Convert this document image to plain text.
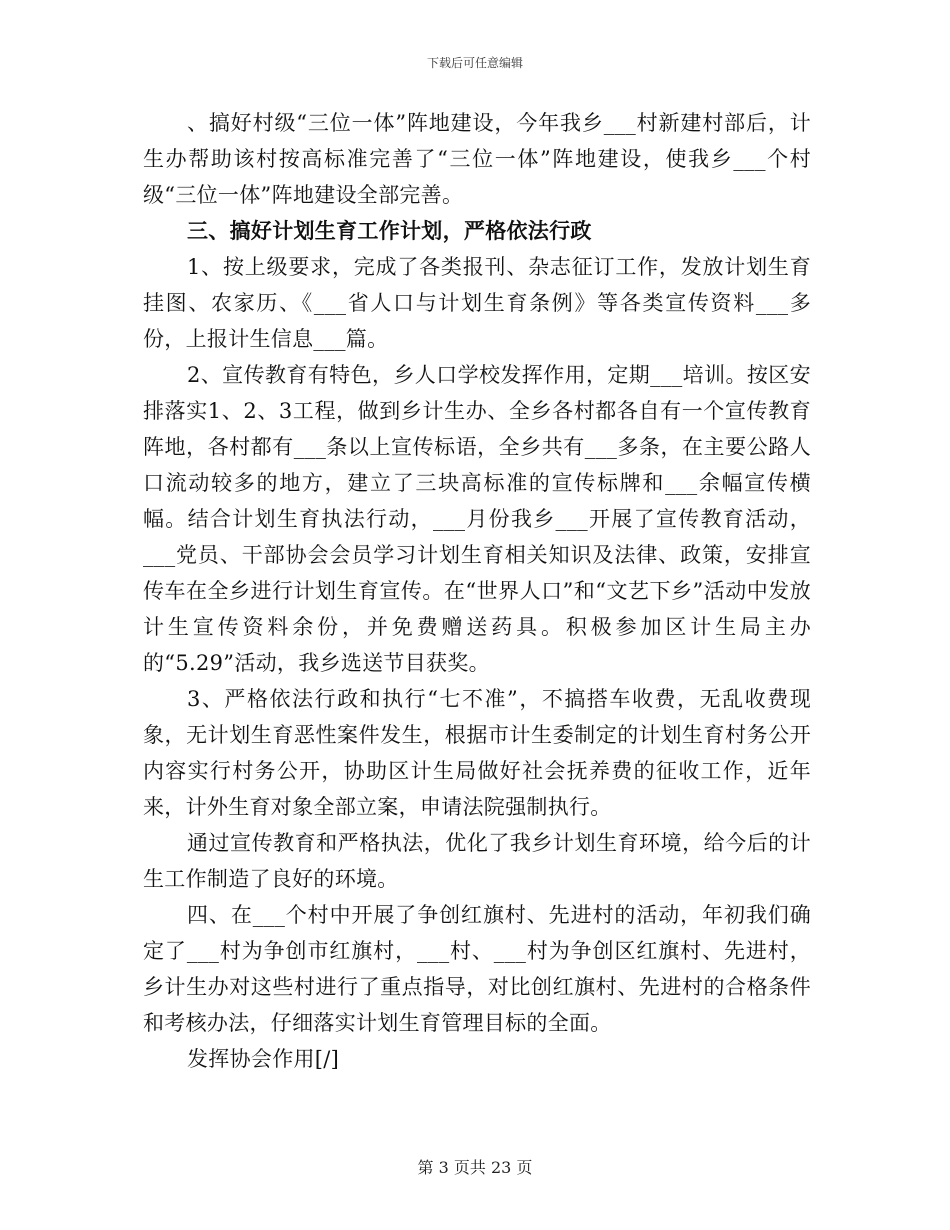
下载后可任意编辑

、搞好村级“三位一体”阵地建设，今年我乡___村新建村部后，计生办帮助该村按高标准完善了“三位一体”阵地建设，使我乡___个村级“三位一体”阵地建设全部完善。

三、搞好计划生育工作计划，严格依法行政

1、按上级要求，完成了各类报刊、杂志征订工作，发放计划生育挂图、农家历、《___省人口与计划生育条例》等各类宣传资料___多份，上报计生信息___篇。

2、宣传教育有特色，乡人口学校发挥作用，定期___培训。按区安排落实1、2、3工程，做到乡计生办、全乡各村都各自有一个宣传教育阵地，各村都有___条以上宣传标语，全乡共有___多条，在主要公路人口流动较多的地方，建立了三块高标准的宣传标牌和___余幅宣传横幅。结合计划生育执法行动，___月份我乡___开展了宣传教育活动，___党员、干部协会会员学习计划生育相关知识及法律、政策，安排宣传车在全乡进行计划生育宣传。在“世界人口”和“文艺下乡”活动中发放计生宣传资料余份，并免费赠送药具。积极参加区计生局主办的“5.29”活动，我乡选送节目获奖。

3、严格依法行政和执行“七不准”，不搞搭车收费，无乱收费现象，无计划生育恶性案件发生，根据市计生委制定的计划生育村务公开内容实行村务公开，协助区计生局做好社会抚养费的征收工作，近年来，计外生育对象全部立案，申请法院强制执行。

通过宣传教育和严格执法，优化了我乡计划生育环境，给今后的计生工作制造了良好的环境。

四、在___个村中开展了争创红旗村、先进村的活动，年初我们确定了___村为争创市红旗村，___村、___村为争创区红旗村、先进村，乡计生办对这些村进行了重点指导，对比创红旗村、先进村的合格条件和考核办法，仔细落实计划生育管理目标的全面。

发挥协会作用[/]

第 3 页共 23 页
